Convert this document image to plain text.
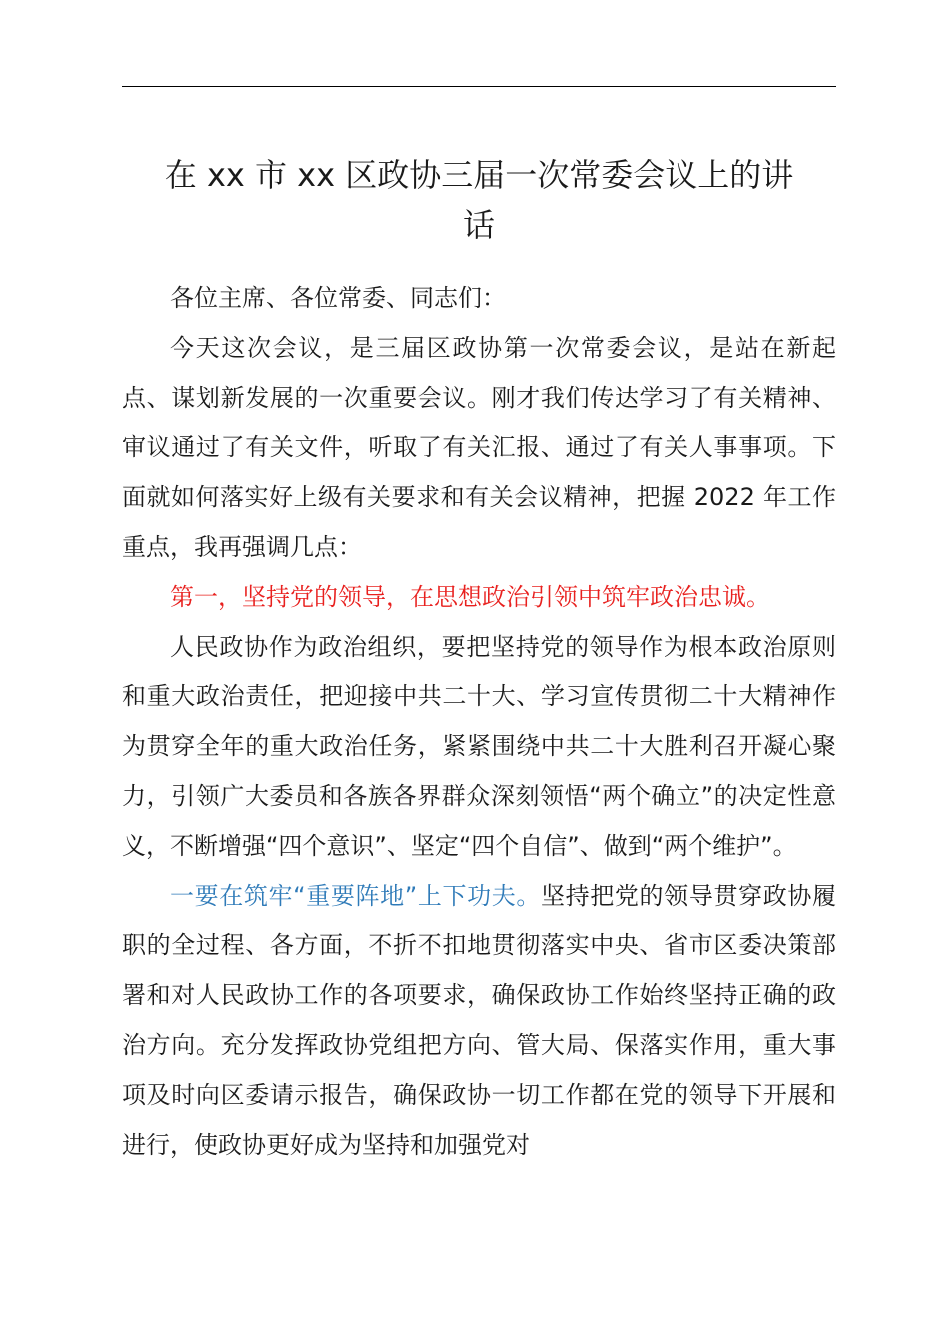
在 xx 市 xx 区政协三届一次常委会议上的讲
话

各位主席、各位常委、同志们：

今天这次会议，是三届区政协第一次常委会议，是站在新起点、谋划新发展的一次重要会议。刚才我们传达学习了有关精神、审议通过了有关文件，听取了有关汇报、通过了有关人事事项。下面就如何落实好上级有关要求和有关会议精神，把握 2022 年工作重点，我再强调几点：

第一，坚持党的领导，在思想政治引领中筑牢政治忠诚。

人民政协作为政治组织，要把坚持党的领导作为根本政治原则和重大政治责任，把迎接中共二十大、学习宣传贯彻二十大精神作为贯穿全年的重大政治任务，紧紧围绕中共二十大胜利召开凝心聚力，引领广大委员和各族各界群众深刻领悟“两个确立”的决定性意义，不断增强“四个意识”、坚定“四个自信”、做到“两个维护”。

一要在筑牢“重要阵地”上下功夫。坚持把党的领导贯穿政协履职的全过程、各方面，不折不扣地贯彻落实中央、省市区委决策部署和对人民政协工作的各项要求，确保政协工作始终坚持正确的政治方向。充分发挥政协党组把方向、管大局、保落实作用，重大事项及时向区委请示报告，确保政协一切工作都在党的领导下开展和进行，使政协更好成为坚持和加强党对
